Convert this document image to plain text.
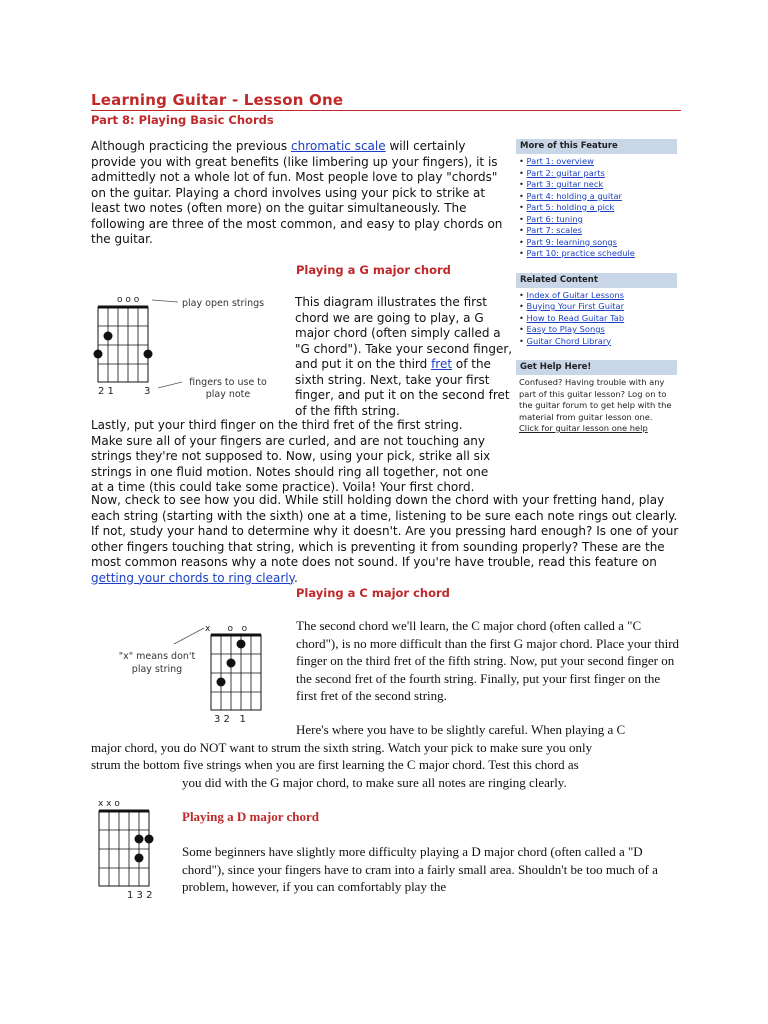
Learning Guitar - Lesson One
Part 8: Playing Basic Chords
Although practicing the previous chromatic scale will certainly provide you with great benefits (like limbering up your fingers), it is admittedly not a whole lot of fun. Most people love to play "chords" on the guitar. Playing a chord involves using your pick to strike at least two notes (often more) on the guitar simultaneously. The following are three of the most common, and easy to play chords on the guitar.
More of this Feature
• Part 1: overview
• Part 2: guitar parts
• Part 3: guitar neck
• Part 4: holding a guitar
• Part 5: holding a pick
• Part 6: tuning
• Part 7: scales
• Part 9: learning songs
• Part 10: practice schedule
Related Content
• Index of Guitar Lessons
• Buying Your First Guitar
• How to Read Guitar Tab
• Easy to Play Songs
• Guitar Chord Library
Get Help Here!
Confused? Having trouble with any part of this guitar lesson? Log on to the guitar forum to get help with the material from guitar lesson one.
Click for guitar lesson one help
Playing a G major chord
o o o	play open strings
2 1	3
fingers to use to play note
This diagram illustrates the first chord we are going to play, a G major chord (often simply called a "G chord"). Take your second finger, and put it on the third fret of the sixth string. Next, take your first finger, and put it on the second fret of the fifth string.
Lastly, put your third finger on the third fret of the first string.
Make sure all of your fingers are curled, and are not touching any
strings they're not supposed to. Now, using your pick, strike all six
strings in one fluid motion. Notes should ring all together, not one
at a time (this could take some practice). Voila! Your first chord.
Now, check to see how you did. While still holding down the chord with your fretting hand, play each string (starting with the sixth) one at a time, listening to be sure each note rings out clearly. If not, study your hand to determine why it doesn't. Are you pressing hard enough? Is one of your other fingers touching that string, which is preventing it from sounding properly? These are the most common reasons why a note does not sound. If you're have trouble, read this feature on getting your chords to ring clearly.
Playing a C major chord
x      o   o
3 2   1
"x" means don't play string
The second chord we'll learn, the C major chord (often called a "C chord"), is no more difficult than the first G major chord. Place your third finger on the third fret of the fifth string. Now, put your second finger on the second fret of the fourth string. Finally, put your first finger on the first fret of the second string.
Here's where you have to be slightly careful. When playing a C
major chord, you do NOT want to strum the sixth string. Watch your pick to make sure you only
strum the bottom five strings when you are first learning the C major chord. Test this chord as
you did with the G major chord, to make sure all notes are ringing clearly.
x x o
1 3 2
Playing a D major chord
Some beginners have slightly more difficulty playing a D major chord (often called a "D chord"), since your fingers have to cram into a fairly small area. Shouldn't be too much of a problem, however, if you can comfortably play the
